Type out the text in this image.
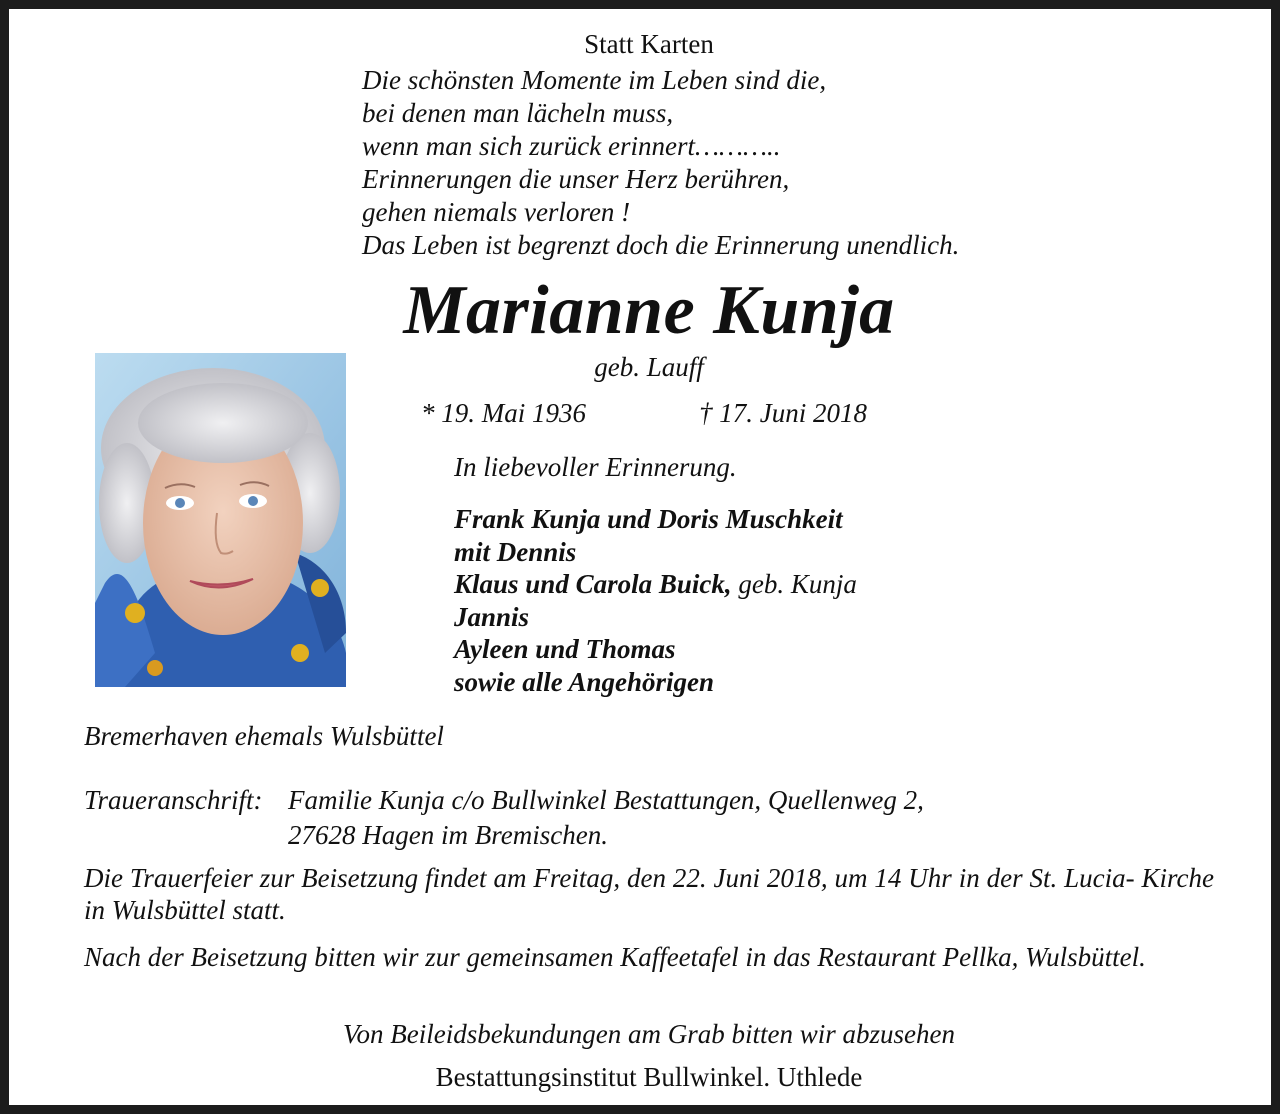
Statt Karten
Die schönsten Momente im Leben sind die,
bei denen man lächeln muss,
wenn man sich zurück erinnert………..
Erinnerungen die unser Herz berühren,
gehen niemals verloren !
Das Leben ist begrenzt doch die Erinnerung unendlich.
Marianne Kunja
geb. Lauff
* 19. Mai 1936	† 17. Juni 2018
In liebevoller Erinnerung.
Frank Kunja und Doris Muschkeit
mit Dennis
Klaus und Carola Buick, geb. Kunja
Jannis
Ayleen und Thomas
sowie alle Angehörigen
Bremerhaven ehemals Wulsbüttel
Traueranschrift: Familie Kunja c/o Bullwinkel Bestattungen, Quellenweg 2,
27628 Hagen im Bremischen.
Die Trauerfeier zur Beisetzung findet am Freitag, den 22. Juni 2018, um 14 Uhr in der St. Lucia- Kirche in Wulsbüttel statt.
Nach der Beisetzung bitten wir zur gemeinsamen Kaffeetafel in das Restaurant Pellka, Wulsbüttel.
Von Beileidsbekundungen am Grab bitten wir abzusehen
Bestattungsinstitut Bullwinkel. Uthlede
